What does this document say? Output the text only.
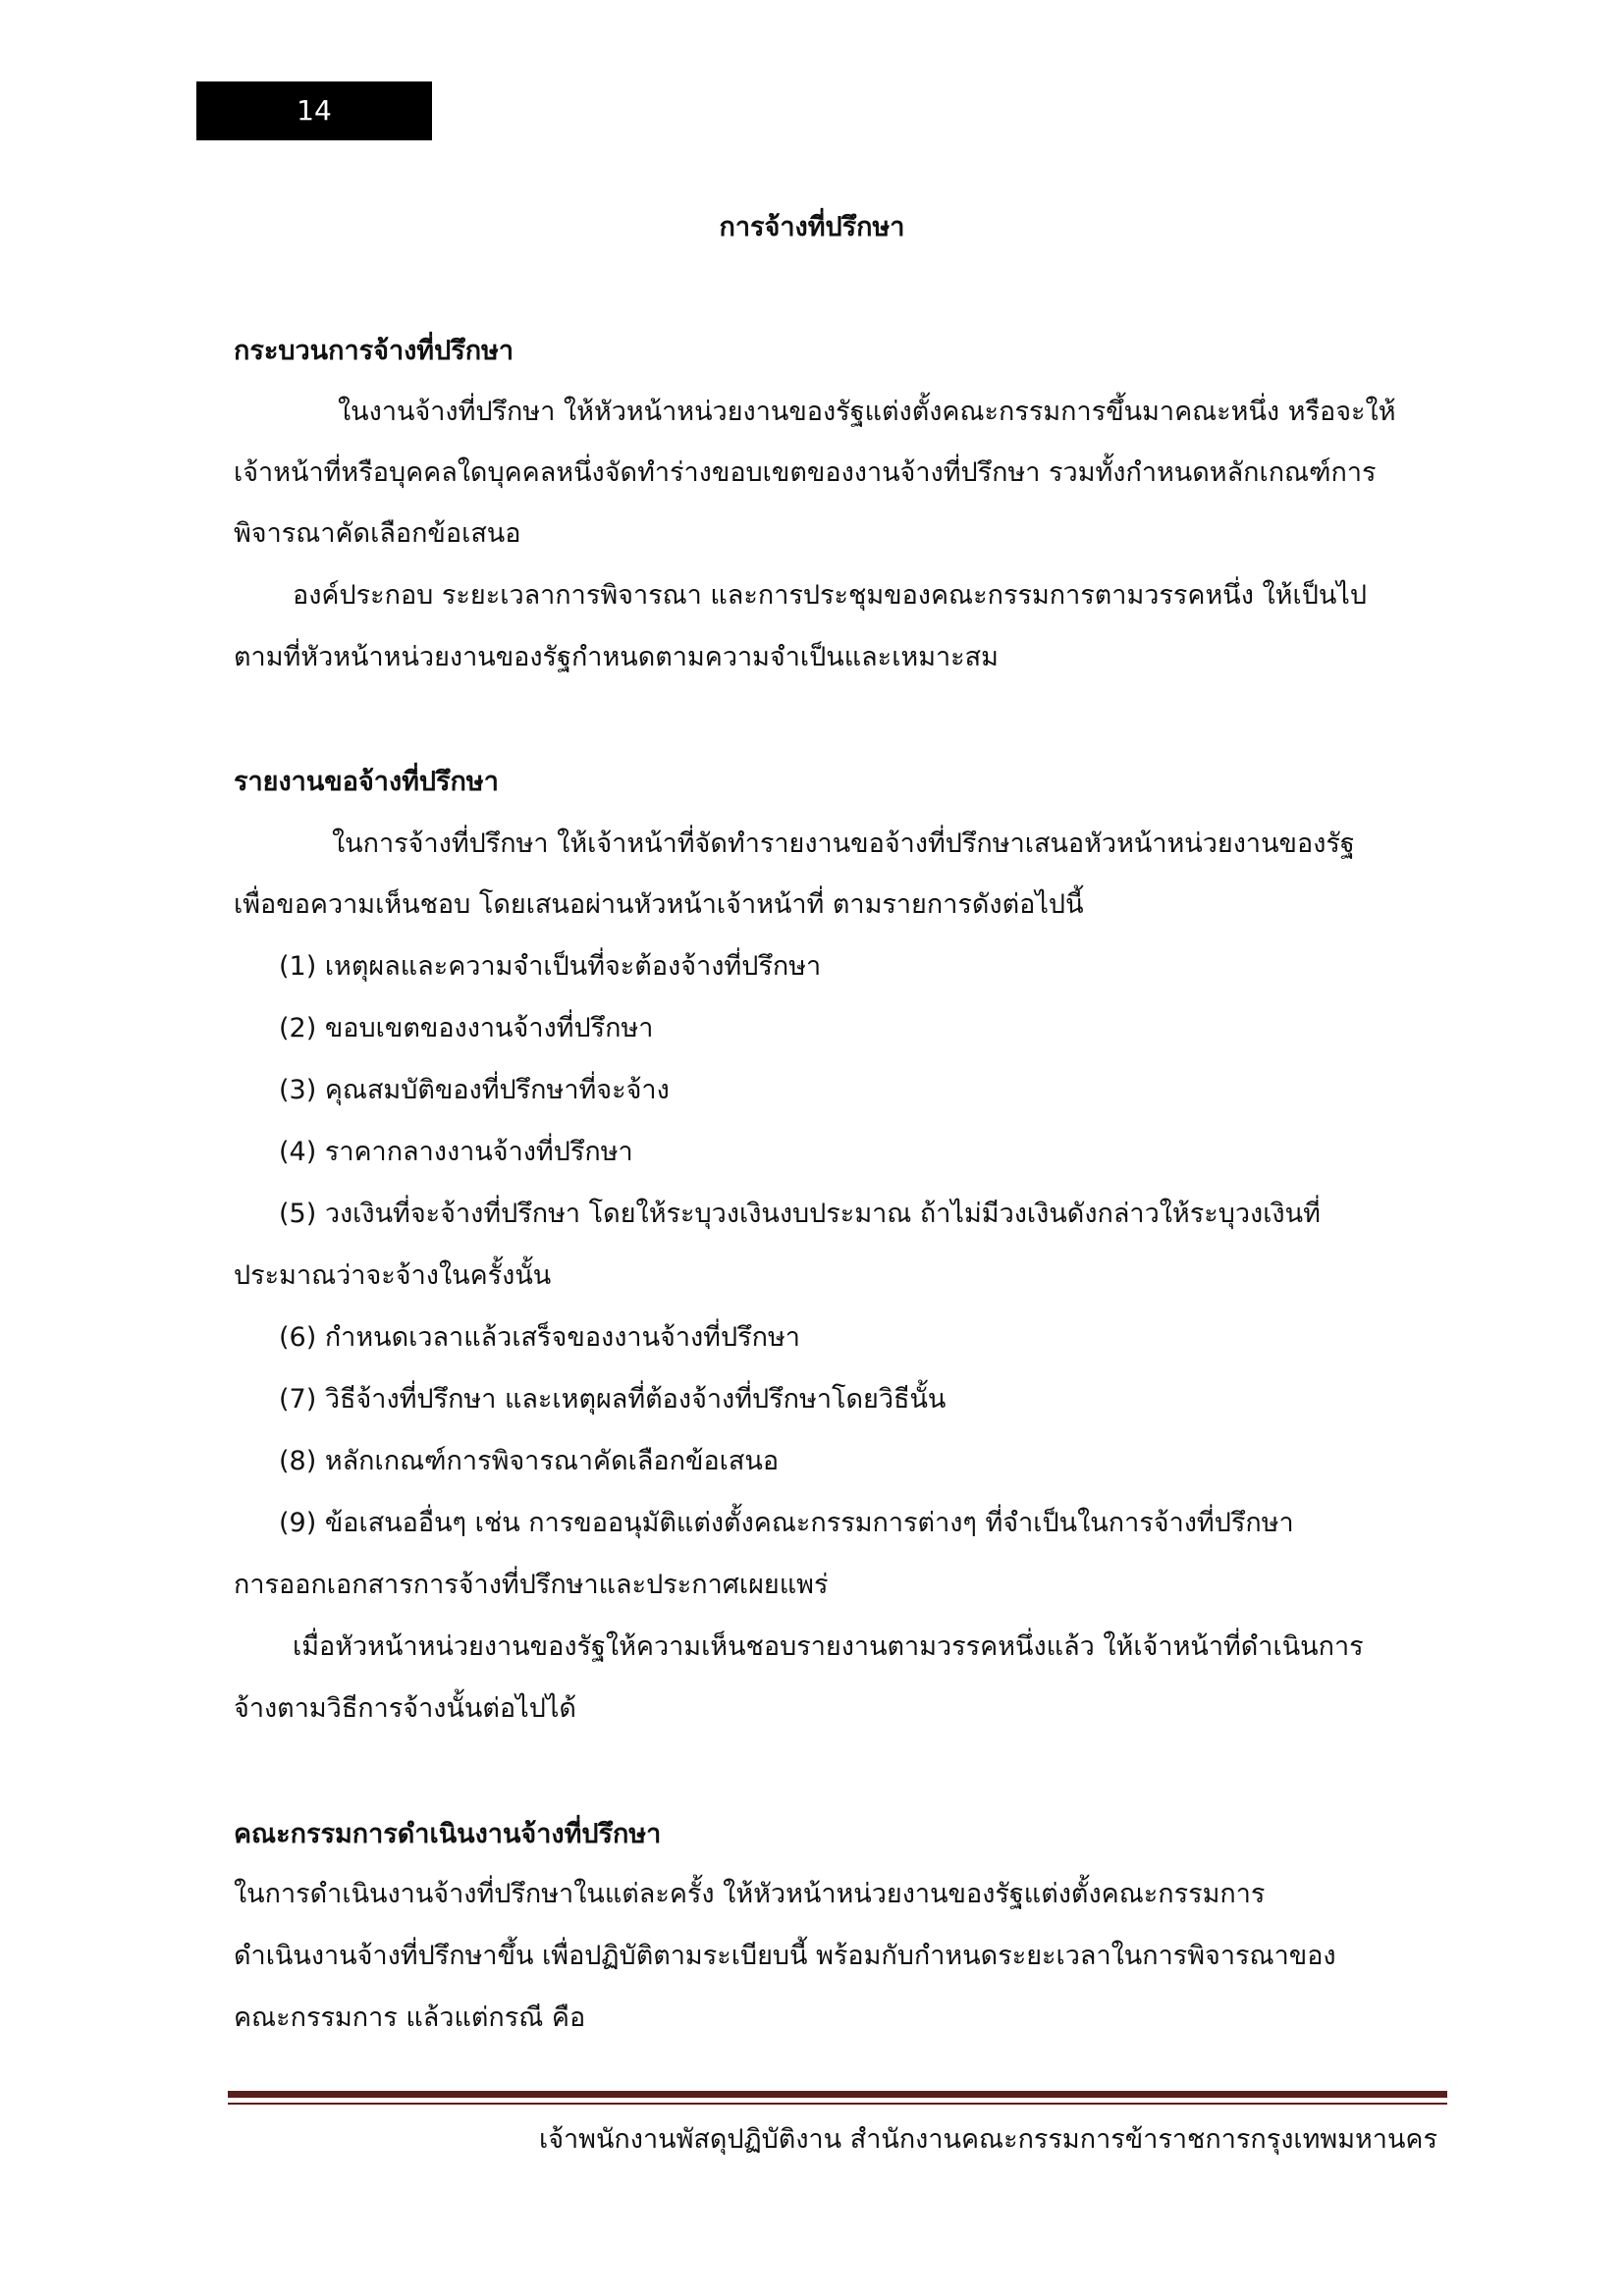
14
การจ้างที่ปรึกษา
กระบวนการจ้างที่ปรึกษา
ในงานจ้างที่ปรึกษา ให้หัวหน้าหน่วยงานของรัฐแต่งตั้งคณะกรรมการขึ้นมาคณะหนึ่ง หรือจะให้
เจ้าหน้าที่หรือบุคคลใดบุคคลหนึ่งจัดทำร่างขอบเขตของงานจ้างที่ปรึกษา รวมทั้งกำหนดหลักเกณฑ์การ
พิจารณาคัดเลือกข้อเสนอ
องค์ประกอบ ระยะเวลาการพิจารณา และการประชุมของคณะกรรมการตามวรรคหนึ่ง ให้เป็นไป
ตามที่หัวหน้าหน่วยงานของรัฐกำหนดตามความจำเป็นและเหมาะสม
รายงานขอจ้างที่ปรึกษา
ในการจ้างที่ปรึกษา ให้เจ้าหน้าที่จัดทำรายงานขอจ้างที่ปรึกษาเสนอหัวหน้าหน่วยงานของรัฐ
เพื่อขอความเห็นชอบ โดยเสนอผ่านหัวหน้าเจ้าหน้าที่ ตามรายการดังต่อไปนี้
(1) เหตุผลและความจำเป็นที่จะต้องจ้างที่ปรึกษา
(2) ขอบเขตของงานจ้างที่ปรึกษา
(3) คุณสมบัติของที่ปรึกษาที่จะจ้าง
(4) ราคากลางงานจ้างที่ปรึกษา
(5) วงเงินที่จะจ้างที่ปรึกษา โดยให้ระบุวงเงินงบประมาณ ถ้าไม่มีวงเงินดังกล่าวให้ระบุวงเงินที่
ประมาณว่าจะจ้างในครั้งนั้น
(6) กำหนดเวลาแล้วเสร็จของงานจ้างที่ปรึกษา
(7) วิธีจ้างที่ปรึกษา และเหตุผลที่ต้องจ้างที่ปรึกษาโดยวิธีนั้น
(8) หลักเกณฑ์การพิจารณาคัดเลือกข้อเสนอ
(9) ข้อเสนออื่นๆ เช่น การขออนุมัติแต่งตั้งคณะกรรมการต่างๆ ที่จำเป็นในการจ้างที่ปรึกษา
การออกเอกสารการจ้างที่ปรึกษาและประกาศเผยแพร่
เมื่อหัวหน้าหน่วยงานของรัฐให้ความเห็นชอบรายงานตามวรรคหนึ่งแล้ว ให้เจ้าหน้าที่ดำเนินการ
จ้างตามวิธีการจ้างนั้นต่อไปได้
คณะกรรมการดำเนินงานจ้างที่ปรึกษา
ในการดำเนินงานจ้างที่ปรึกษาในแต่ละครั้ง ให้หัวหน้าหน่วยงานของรัฐแต่งตั้งคณะกรรมการ
ดำเนินงานจ้างที่ปรึกษาขึ้น เพื่อปฏิบัติตามระเบียบนี้ พร้อมกับกำหนดระยะเวลาในการพิจารณาของ
คณะกรรมการ แล้วแต่กรณี คือ
เจ้าพนักงานพัสดุปฏิบัติงาน สำนักงานคณะกรรมการข้าราชการกรุงเทพมหานคร
